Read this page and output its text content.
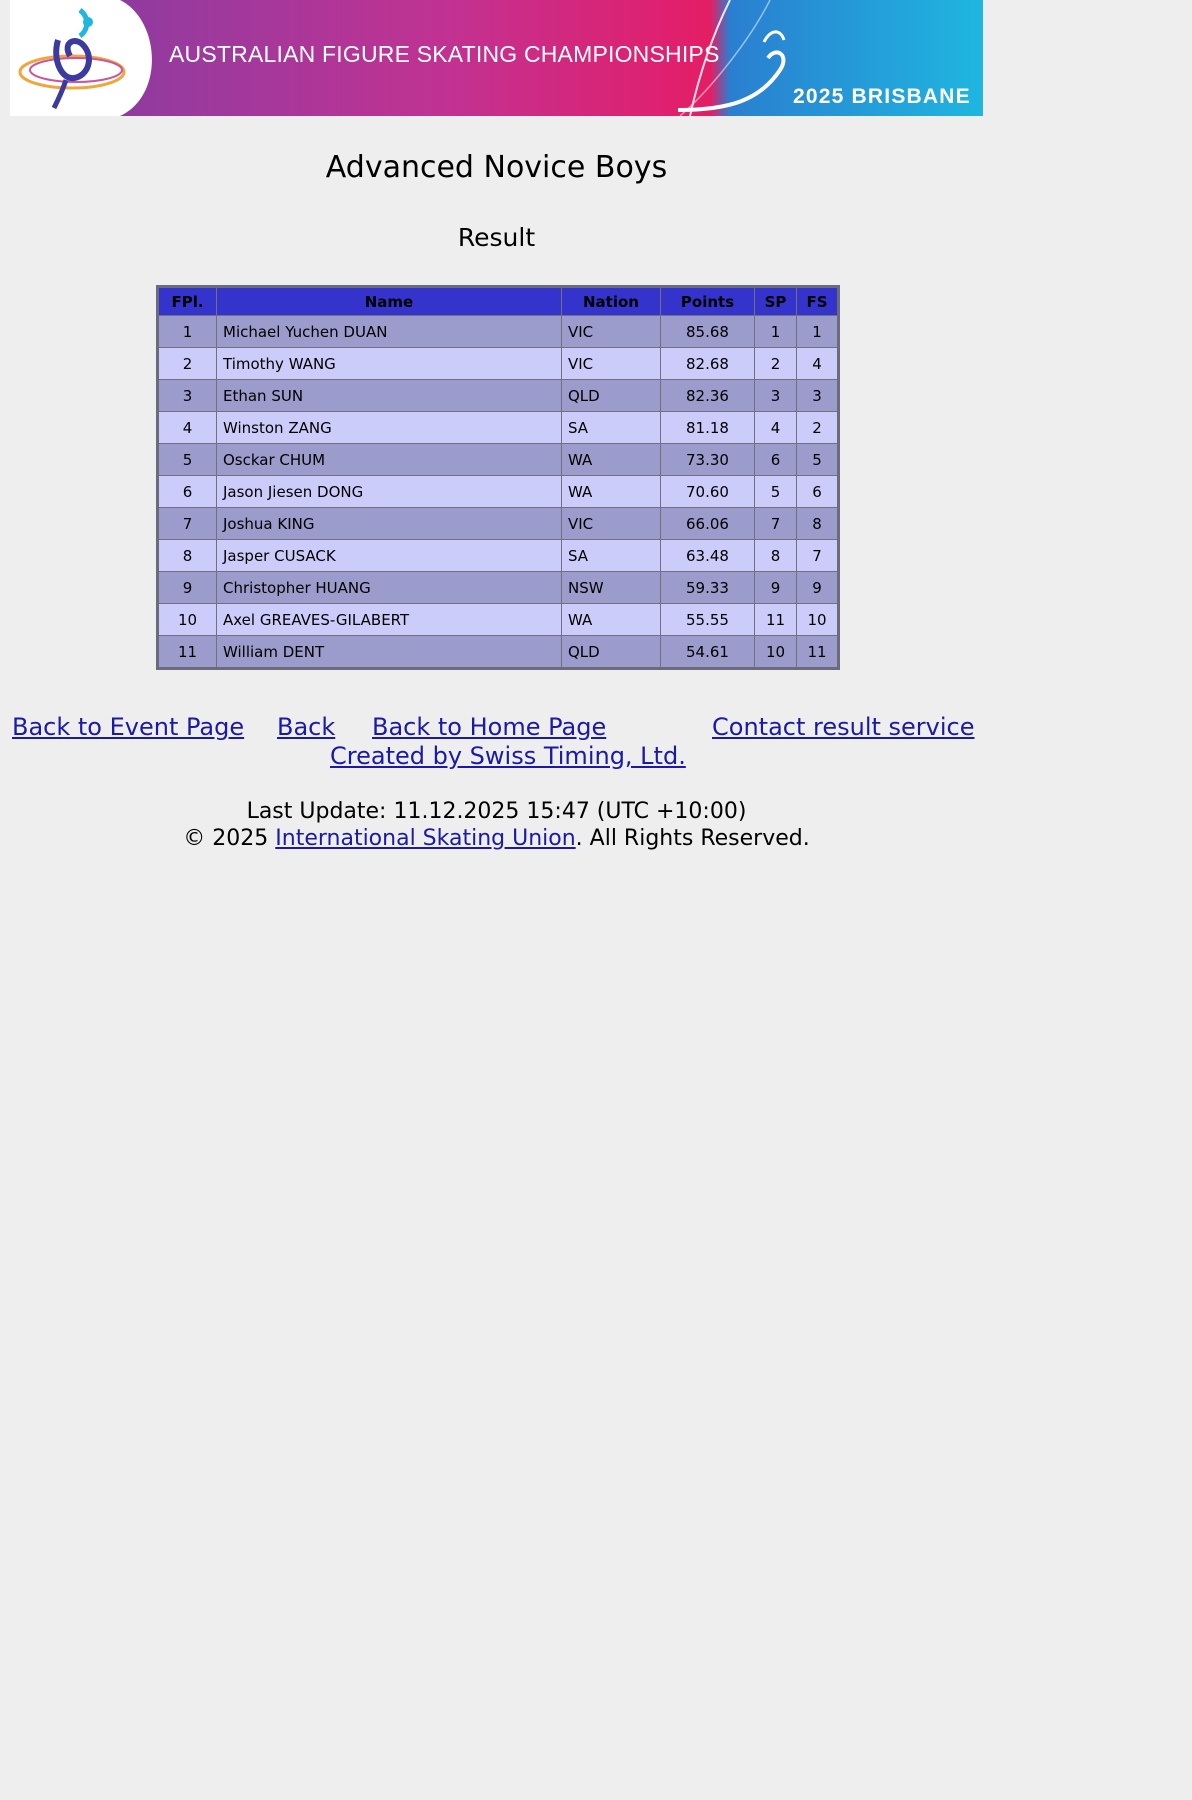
AUSTRALIAN FIGURE SKATING CHAMPIONSHIPS
2025 BRISBANE
Advanced Novice Boys
Result
FPl.	Name	Nation	Points	SP	FS
1	Michael Yuchen DUAN	VIC	85.68	1	1
2	Timothy WANG	VIC	82.68	2	4
3	Ethan SUN	QLD	82.36	3	3
4	Winston ZANG	SA	81.18	4	2
5	Osckar CHUM	WA	73.30	6	5
6	Jason Jiesen DONG	WA	70.60	5	6
7	Joshua KING	VIC	66.06	7	8
8	Jasper CUSACK	SA	63.48	8	7
9	Christopher HUANG	NSW	59.33	9	9
10	Axel GREAVES-GILABERT	WA	55.55	11	10
11	William DENT	QLD	54.61	10	11
Back to Event Page Back Back to Home Page	Contact result service
Created by Swiss Timing, Ltd.
Last Update: 11.12.2025 15:47 (UTC +10:00)
© 2025 International Skating Union. All Rights Reserved.
